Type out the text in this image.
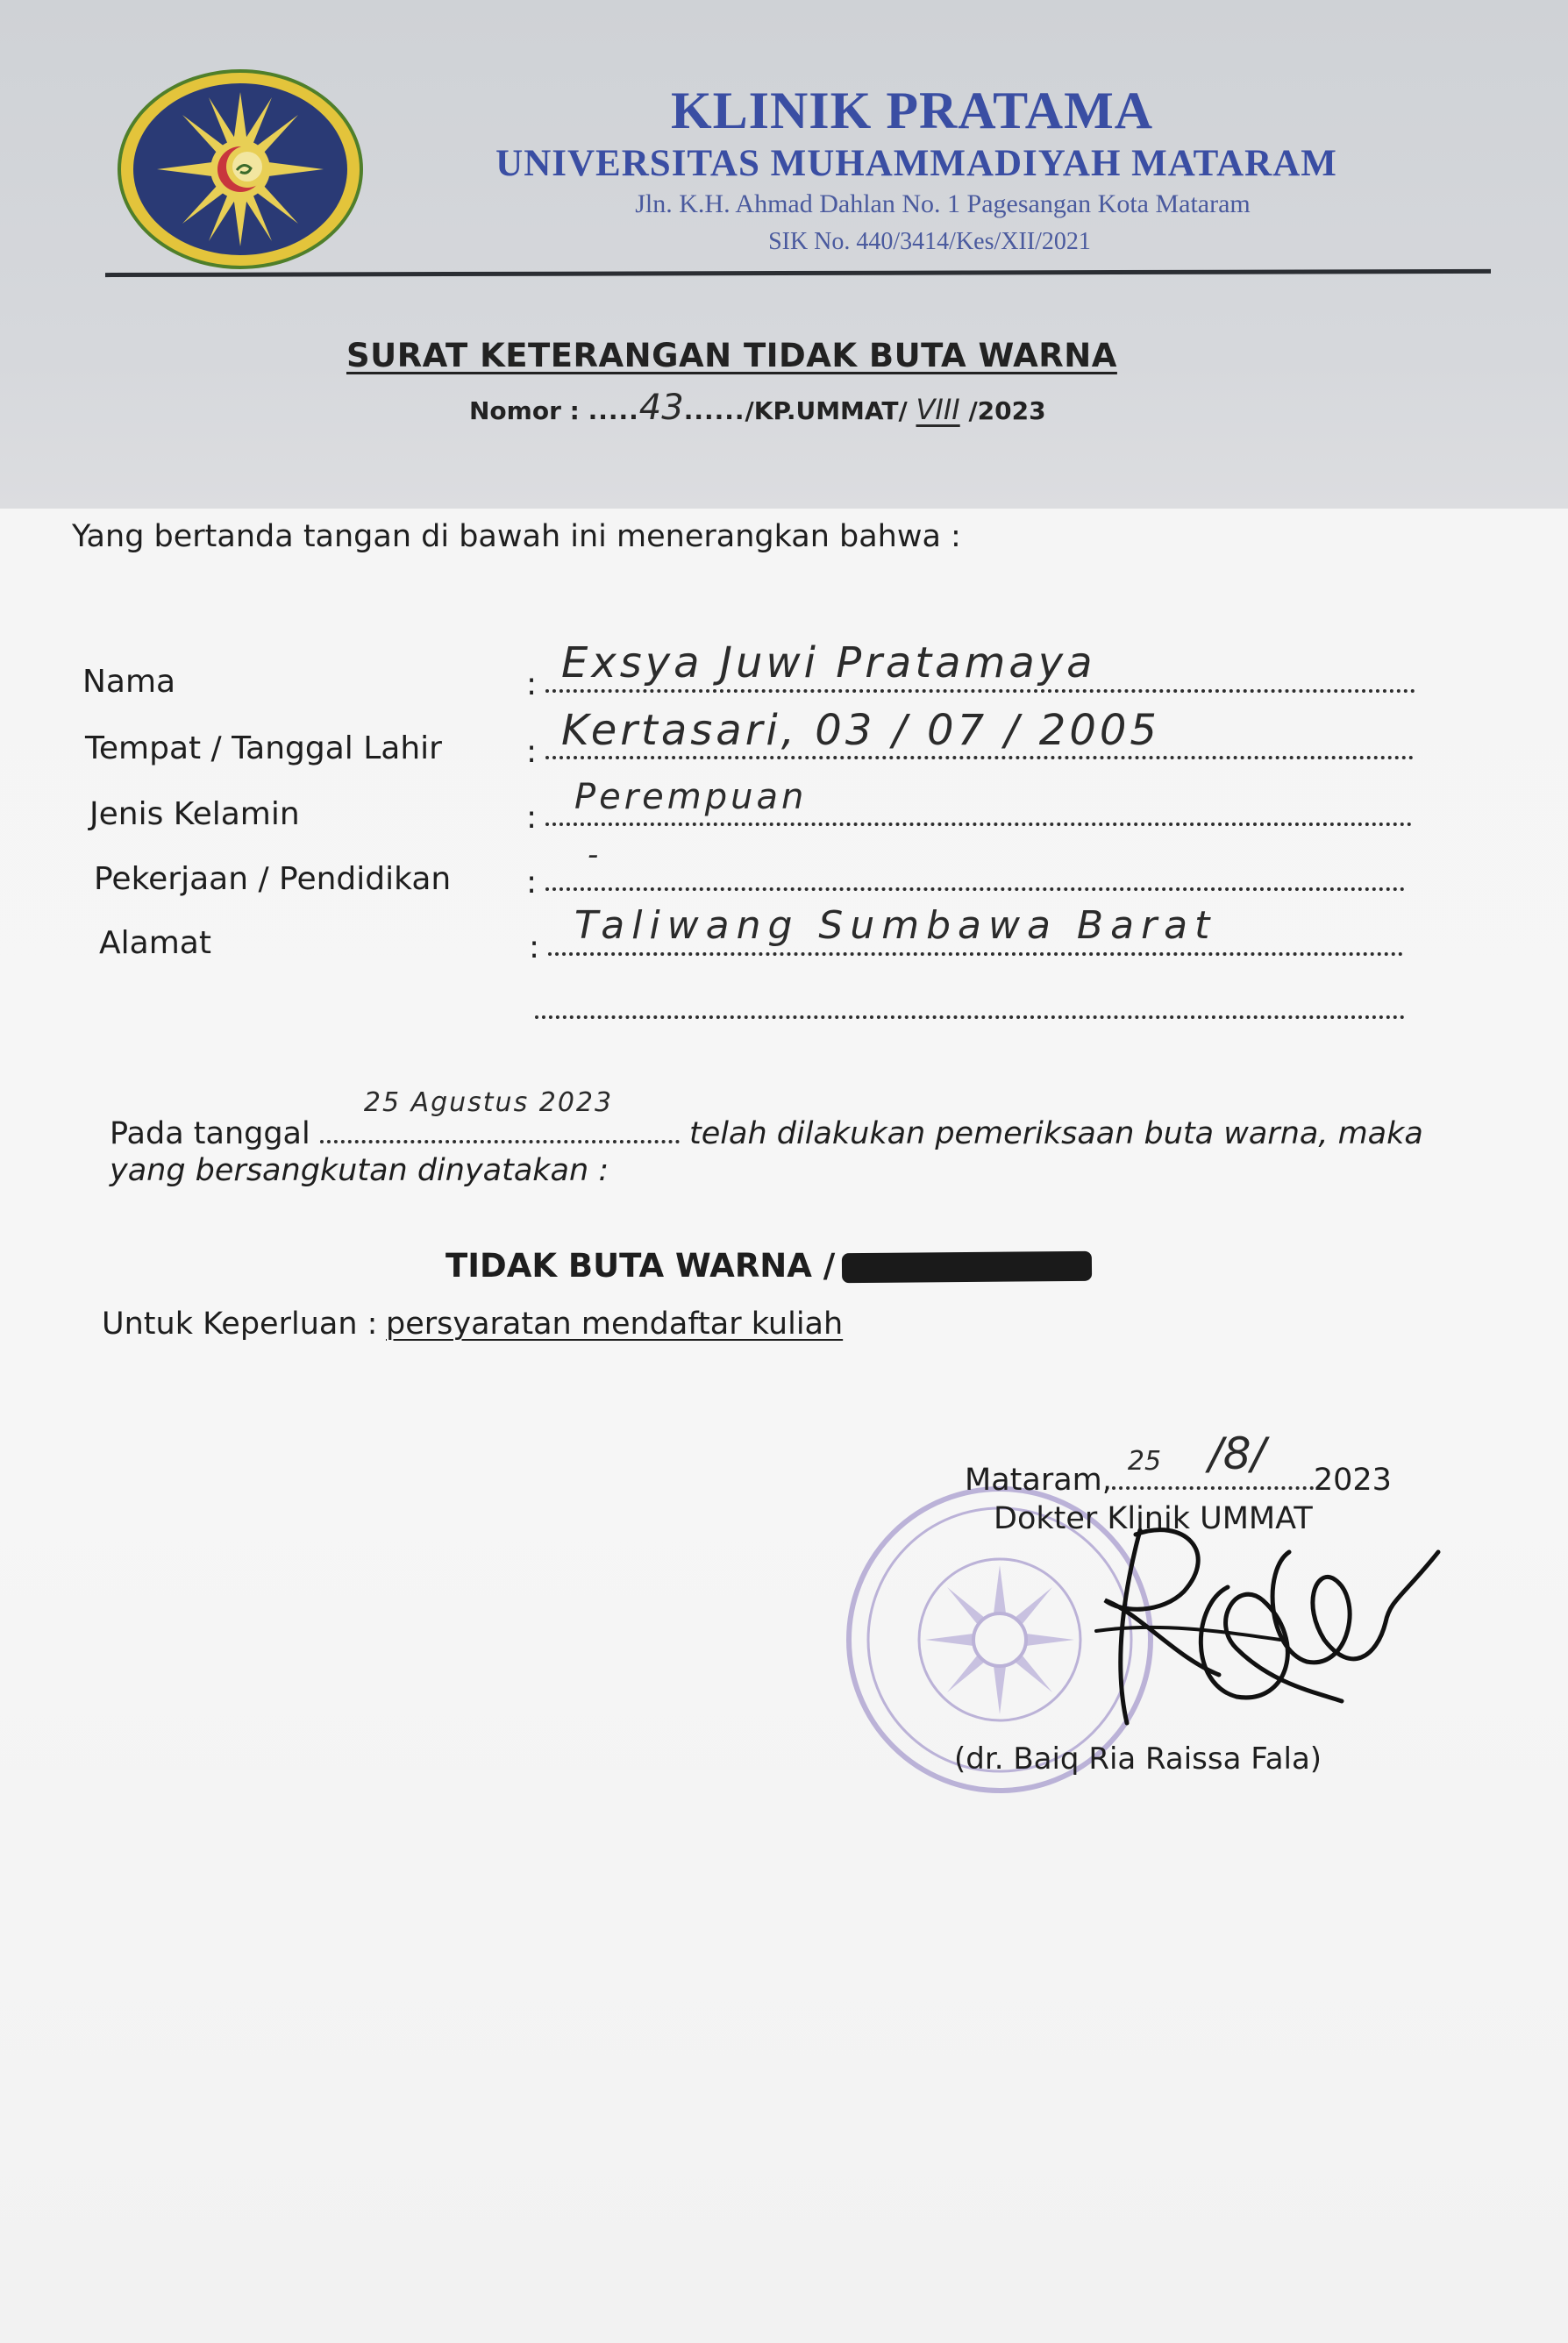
KLINIK PRATAMA
UNIVERSITAS MUHAMMADIYAH MATARAM
Jln. K.H. Ahmad Dahlan No. 1 Pagesangan Kota Mataram
SIK No. 440/3414/Kes/XII/2021
SURAT KETERANGAN TIDAK BUTA WARNA
Nomor : .....43....../KP.UMMAT/ VIII /2023
Yang bertanda tangan di bawah ini menerangkan bahwa :
Nama	: Exsya Juwi Pratamaya
Tempat / Tanggal Lahir	: Kertasari, 03 / 07 / 2005
Jenis Kelamin	:
Perempuan
Pekerjaan / Pendidikan :
-
Alamat	: Taliwang Sumbawa Barat
Pada tanggal
25 Agustus 2023
telah dilakukan pemeriksaan buta warna, maka
yang bersangkutan dinyatakan :
TIDAK BUTA WARNA /
Untuk Keperluan : persyaratan mendaftar kuliah
Mataram,
25 /8/
2023
Dokter Klinik UMMAT
(dr. Baiq Ria Raissa Fala)
